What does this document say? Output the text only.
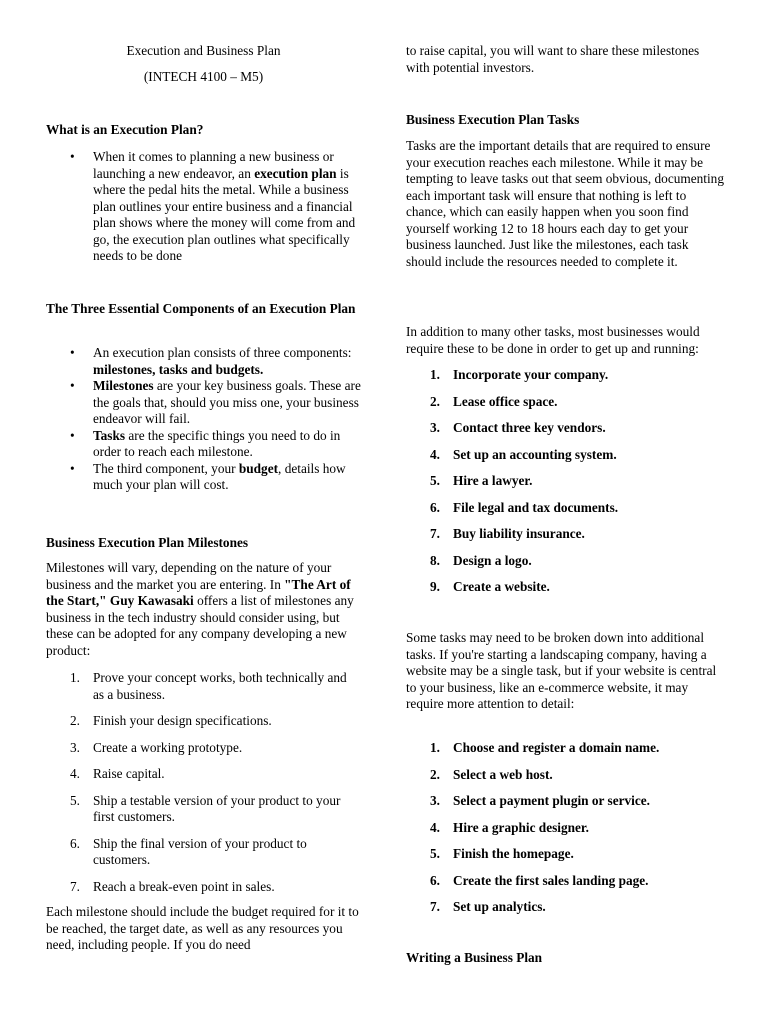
Execution and Business Plan

(INTECH 4100 – M5)

What is an Execution Plan?

• When it comes to planning a new business or launching a new endeavor, an execution plan is where the pedal hits the metal. While a business plan outlines your entire business and a financial plan shows where the money will come from and go, the execution plan outlines what specifically needs to be done

The Three Essential Components of an Execution Plan

• An execution plan consists of three components: milestones, tasks and budgets.
• Milestones are your key business goals. These are the goals that, should you miss one, your business endeavor will fail.
• Tasks are the specific things you need to do in order to reach each milestone.
• The third component, your budget, details how much your plan will cost.

Business Execution Plan Milestones

Milestones will vary, depending on the nature of your business and the market you are entering. In "The Art of the Start," Guy Kawasaki offers a list of milestones any business in the tech industry should consider using, but these can be adopted for any company developing a new product:

1. Prove your concept works, both technically and as a business.
2. Finish your design specifications.
3. Create a working prototype.
4. Raise capital.
5. Ship a testable version of your product to your first customers.
6. Ship the final version of your product to customers.
7. Reach a break-even point in sales.

Each milestone should include the budget required for it to be reached, the target date, as well as any resources you need, including people. If you do need

to raise capital, you will want to share these milestones with potential investors.

Business Execution Plan Tasks

Tasks are the important details that are required to ensure your execution reaches each milestone. While it may be tempting to leave tasks out that seem obvious, documenting each important task will ensure that nothing is left to chance, which can easily happen when you soon find yourself working 12 to 18 hours each day to get your business launched. Just like the milestones, each task should include the resources needed to complete it.

In addition to many other tasks, most businesses would require these to be done in order to get up and running:

1. Incorporate your company.
2. Lease office space.
3. Contact three key vendors.
4. Set up an accounting system.
5. Hire a lawyer.
6. File legal and tax documents.
7. Buy liability insurance.
8. Design a logo.
9. Create a website.

Some tasks may need to be broken down into additional tasks. If you're starting a landscaping company, having a website may be a single task, but if your website is central to your business, like an e-commerce website, it may require more attention to detail:

1. Choose and register a domain name.
2. Select a web host.
3. Select a payment plugin or service.
4. Hire a graphic designer.
5. Finish the homepage.
6. Create the first sales landing page.
7. Set up analytics.

Writing a Business Plan
